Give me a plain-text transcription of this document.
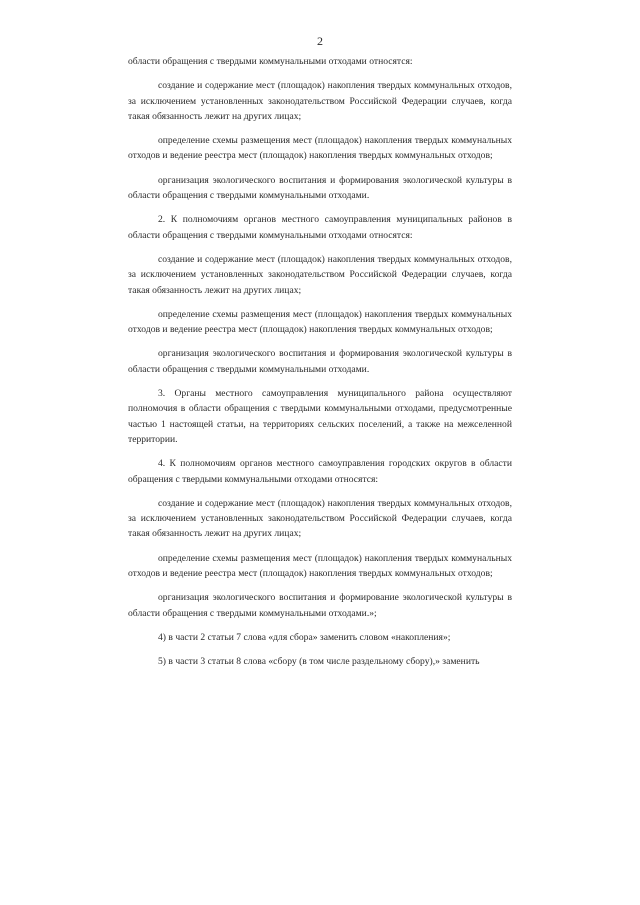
2

области обращения с твердыми коммунальными отходами относятся:

создание и содержание мест (площадок) накопления твердых коммунальных отходов, за исключением установленных законодательством Российской Федерации случаев, когда такая обязанность лежит на других лицах;

определение схемы размещения мест (площадок) накопления твердых коммунальных отходов и ведение реестра мест (площадок) накопления твердых коммунальных отходов;

организация экологического воспитания и формирования экологической культуры в области обращения с твердыми коммунальными отходами.

2. К полномочиям органов местного самоуправления муниципальных районов в области обращения с твердыми коммунальными отходами относятся:

создание и содержание мест (площадок) накопления твердых коммунальных отходов, за исключением установленных законодательством Российской Федерации случаев, когда такая обязанность лежит на других лицах;

определение схемы размещения мест (площадок) накопления твердых коммунальных отходов и ведение реестра мест (площадок) накопления твердых коммунальных отходов;

организация экологического воспитания и формирования экологической культуры в области обращения с твердыми коммунальными отходами.

3. Органы местного самоуправления муниципального района осуществляют полномочия в области обращения с твердыми коммунальными отходами, предусмотренные частью 1 настоящей статьи, на территориях сельских поселений, а также на межселенной территории.

4. К полномочиям органов местного самоуправления городских округов в области обращения с твердыми коммунальными отходами относятся:

создание и содержание мест (площадок) накопления твердых коммунальных отходов, за исключением установленных законодательством Российской Федерации случаев, когда такая обязанность лежит на других лицах;

определение схемы размещения мест (площадок) накопления твердых коммунальных отходов и ведение реестра мест (площадок) накопления твердых коммунальных отходов;

организация экологического воспитания и формирование экологической культуры в области обращения с твердыми коммунальными отходами.»;

4) в части 2 статьи 7 слова «для сбора» заменить словом «накопления»;

5) в части 3 статьи 8 слова «сбору (в том числе раздельному сбору),» заменить
